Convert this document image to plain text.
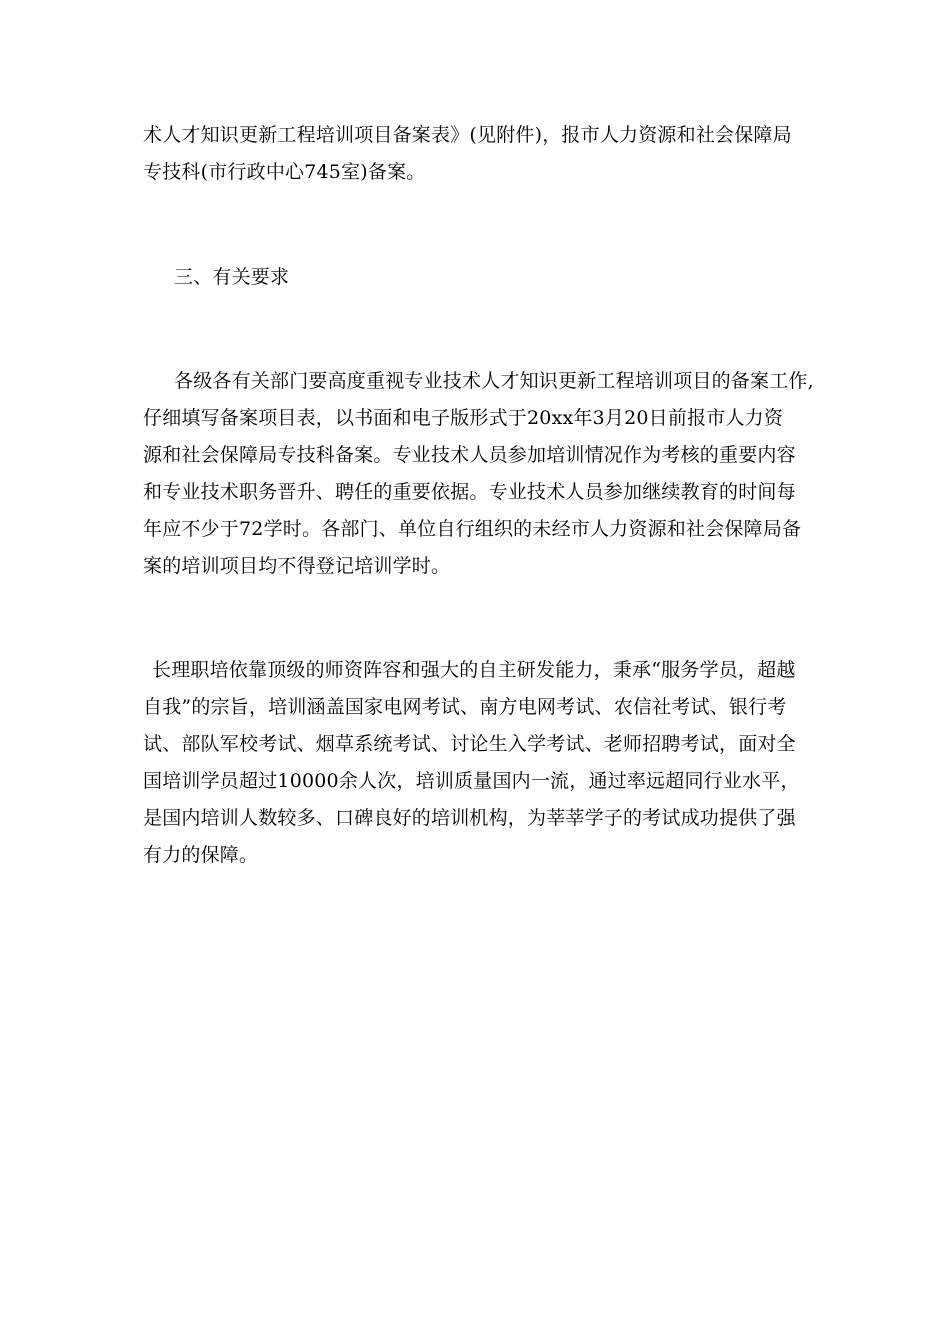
术人才知识更新工程培训项目备案表》(见附件)，报市人力资源和社会保障局
专技科(市行政中心745室)备案。
三、有关要求
各级各有关部门要高度重视专业技术人才知识更新工程培训项目的备案工作,
仔细填写备案项目表，以书面和电子版形式于20xx年3月20日前报市人力资
源和社会保障局专技科备案。专业技术人员参加培训情况作为考核的重要内容
和专业技术职务晋升、聘任的重要依据。专业技术人员参加继续教育的时间每
年应不少于72学时。各部门、单位自行组织的未经市人力资源和社会保障局备
案的培训项目均不得登记培训学时。
长理职培依靠顶级的师资阵容和强大的自主研发能力，秉承“服务学员，超越
自我”的宗旨，培训涵盖国家电网考试、南方电网考试、农信社考试、银行考
试、部队军校考试、烟草系统考试、讨论生入学考试、老师招聘考试，面对全
国培训学员超过10000余人次，培训质量国内一流，通过率远超同行业水平，
是国内培训人数较多、口碑良好的培训机构，为莘莘学子的考试成功提供了强
有力的保障。
